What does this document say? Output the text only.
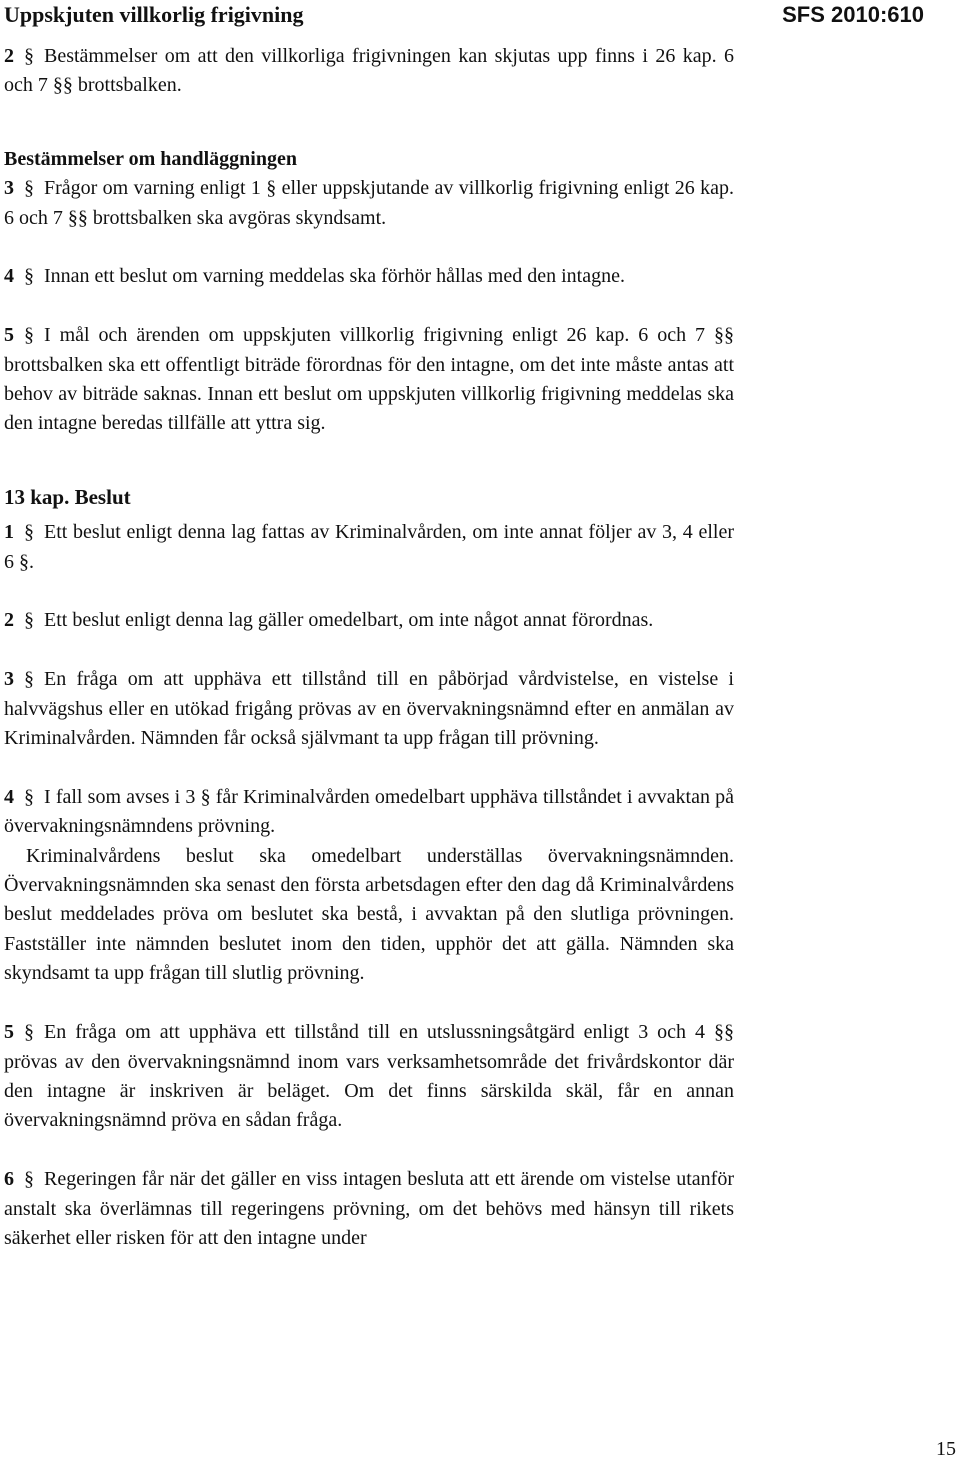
Uppskjuten villkorlig frigivning	SFS 2010:610

2 § Bestämmelser om att den villkorliga frigivningen kan skjutas upp finns i 26 kap. 6 och 7 §§ brottsbalken.

Bestämmelser om handläggningen

3 § Frågor om varning enligt 1 § eller uppskjutande av villkorlig frigivning enligt 26 kap. 6 och 7 §§ brottsbalken ska avgöras skyndsamt.

4 § Innan ett beslut om varning meddelas ska förhör hållas med den intagne.

5 § I mål och ärenden om uppskjuten villkorlig frigivning enligt 26 kap. 6 och 7 §§ brottsbalken ska ett offentligt biträde förordnas för den intagne, om det inte måste antas att behov av biträde saknas. Innan ett beslut om uppskjuten villkorlig frigivning meddelas ska den intagne beredas tillfälle att yttra sig.

13 kap. Beslut

1 § Ett beslut enligt denna lag fattas av Kriminalvården, om inte annat följer av 3, 4 eller 6 §.

2 § Ett beslut enligt denna lag gäller omedelbart, om inte något annat förordnas.

3 § En fråga om att upphäva ett tillstånd till en påbörjad vårdvistelse, en vistelse i halvvägshus eller en utökad frigång prövas av en övervakningsnämnd efter en anmälan av Kriminalvården. Nämnden får också självmant ta upp frågan till prövning.

4 § I fall som avses i 3 § får Kriminalvården omedelbart upphäva tillståndet i avvaktan på övervakningsnämndens prövning.

Kriminalvårdens beslut ska omedelbart underställas övervakningsnämnden. Övervakningsnämnden ska senast den första arbetsdagen efter den dag då Kriminalvårdens beslut meddelades pröva om beslutet ska bestå, i avvaktan på den slutliga prövningen. Fastställer inte nämnden beslutet inom den tiden, upphör det att gälla. Nämnden ska skyndsamt ta upp frågan till slutlig prövning.

5 § En fråga om att upphäva ett tillstånd till en utslussningsåtgärd enligt 3 och 4 §§ prövas av den övervakningsnämnd inom vars verksamhetsområde det frivårdskontor där den intagne är inskriven är beläget. Om det finns särskilda skäl, får en annan övervakningsnämnd pröva en sådan fråga.

6 § Regeringen får när det gäller en viss intagen besluta att ett ärende om vistelse utanför anstalt ska överlämnas till regeringens prövning, om det behövs med hänsyn till rikets säkerhet eller risken för att den intagne under

15
